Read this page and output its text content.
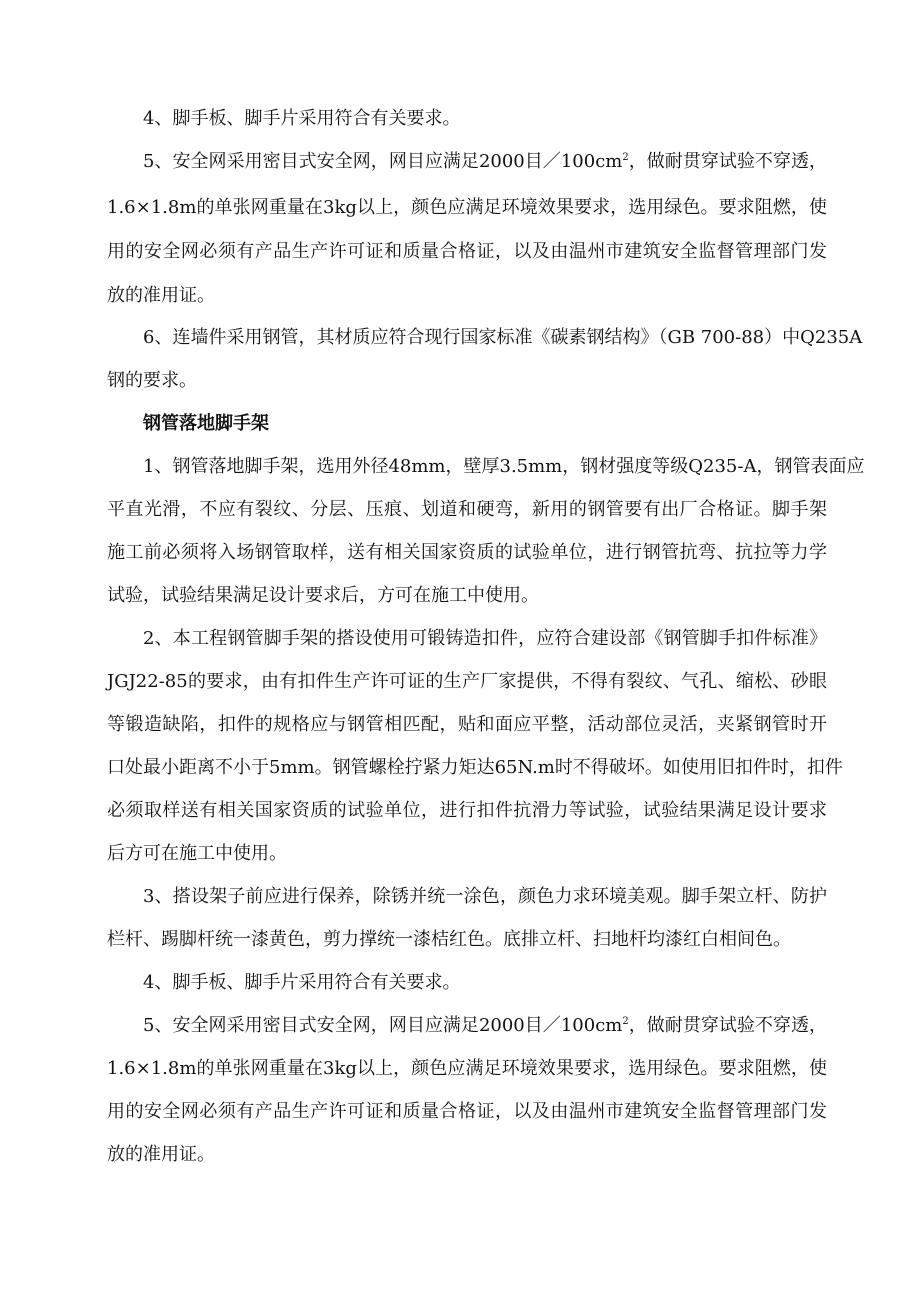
4、脚手板、脚手片采用符合有关要求。
5、安全网采用密目式安全网，网目应满足2000目$/100cm^2$，做耐贯穿试验不穿透，
1.6×1.8m的单张网重量在3kg以上，颜色应满足环境效果要求，选用绿色。要求阻燃，使
用的安全网必须有产品生产许可证和质量合格证，以及由温州市建筑安全监督管理部门发
放的准用证。
6、连墙件采用钢管，其材质应符合现行国家标准《碳素钢结构》（GB 700-88）中Q235A
钢的要求。
钢管落地脚手架
1、钢管落地脚手架，选用外径48mm，壁厚3.5mm，钢材强度等级Q235-A，钢管表面应
平直光滑，不应有裂纹、分层、压痕、划道和硬弯，新用的钢管要有出厂合格证。脚手架
施工前必须将入场钢管取样，送有相关国家资质的试验单位，进行钢管抗弯、抗拉等力学
试验，试验结果满足设计要求后，方可在施工中使用。
2、本工程钢管脚手架的搭设使用可锻铸造扣件，应符合建设部《钢管脚手扣件标准》
JGJ22-85的要求，由有扣件生产许可证的生产厂家提供，不得有裂纹、气孔、缩松、砂眼
等锻造缺陷，扣件的规格应与钢管相匹配，贴和面应平整，活动部位灵活，夹紧钢管时开
口处最小距离不小于5mm。钢管螺栓拧紧力矩达65N.m时不得破坏。如使用旧扣件时，扣件
必须取样送有相关国家资质的试验单位，进行扣件抗滑力等试验，试验结果满足设计要求
后方可在施工中使用。
3、搭设架子前应进行保养，除锈并统一涂色，颜色力求环境美观。脚手架立杆、防护
栏杆、踢脚杆统一漆黄色，剪力撑统一漆桔红色。底排立杆、扫地杆均漆红白相间色。
4、脚手板、脚手片采用符合有关要求。
5、安全网采用密目式安全网，网目应满足2000目$/100cm^2$，做耐贯穿试验不穿透，
1.6×1.8m的单张网重量在3kg以上，颜色应满足环境效果要求，选用绿色。要求阻燃，使
用的安全网必须有产品生产许可证和质量合格证，以及由温州市建筑安全监督管理部门发
放的准用证。
